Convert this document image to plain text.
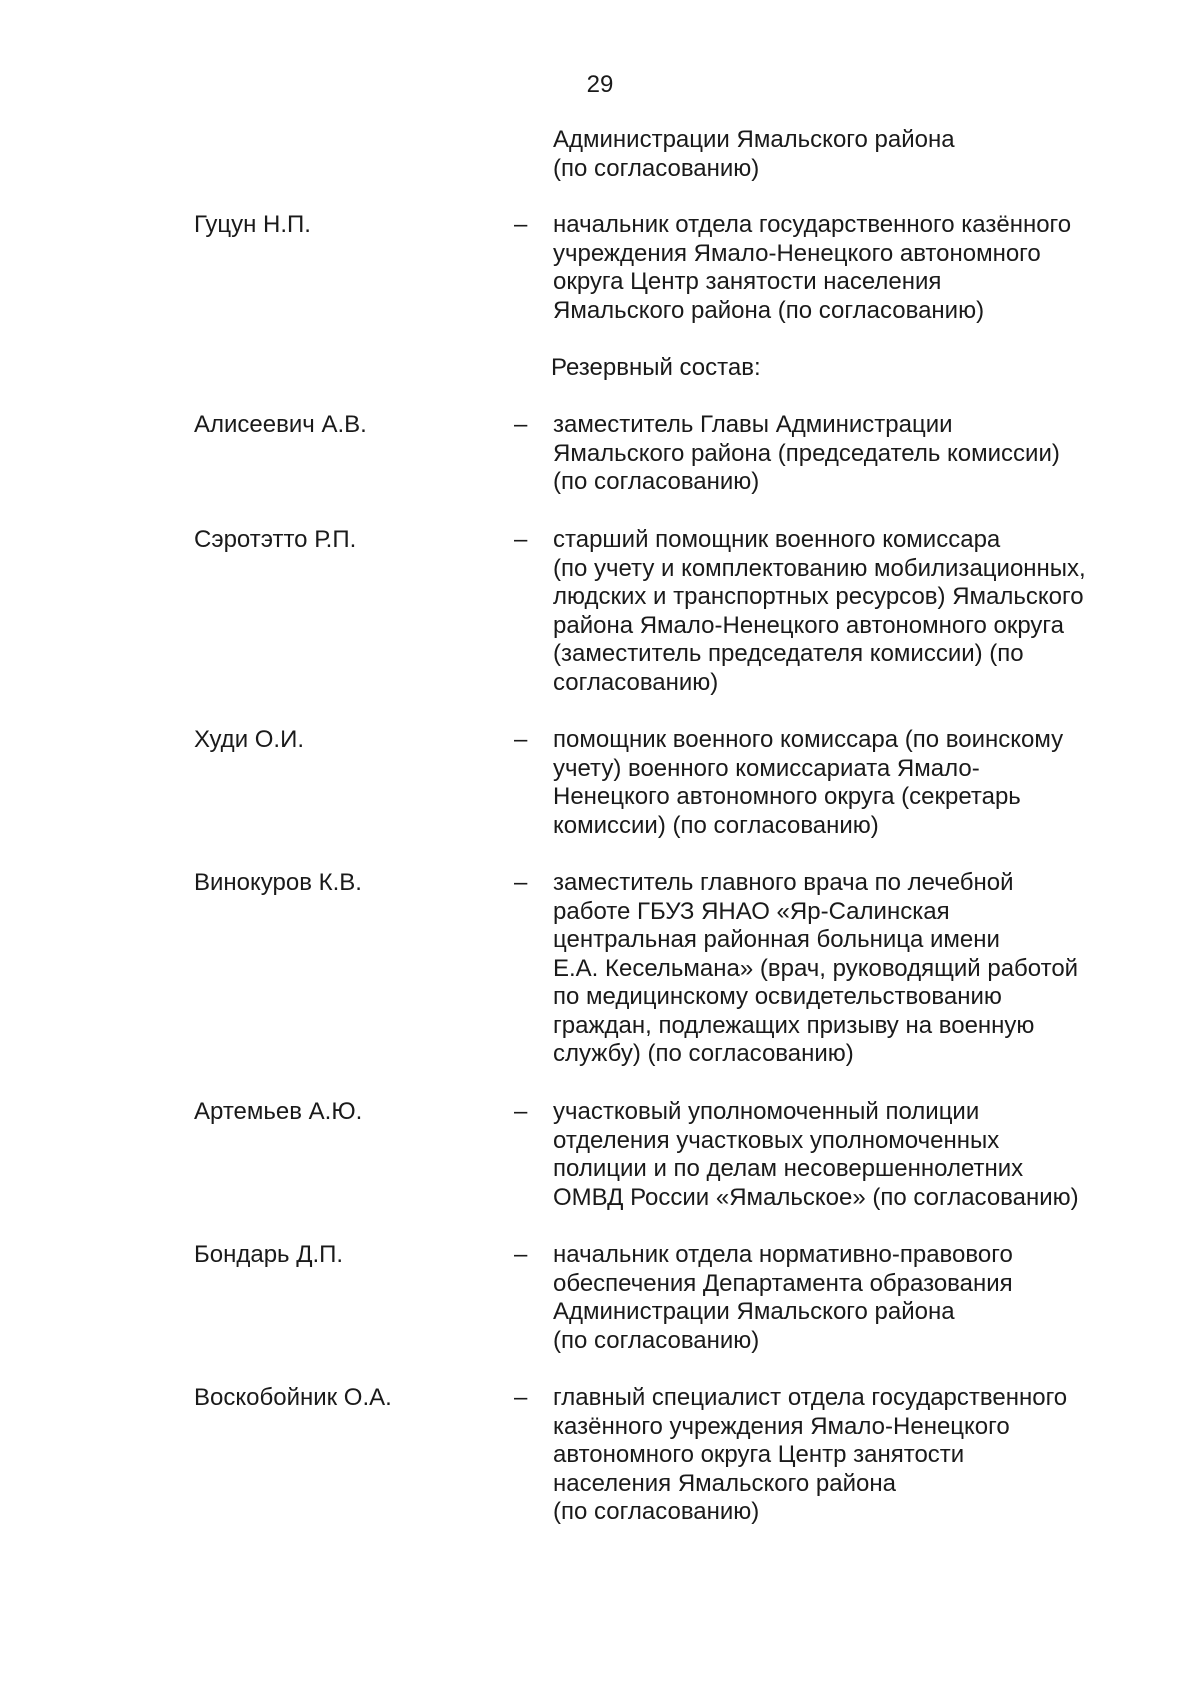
29
Администрации Ямальского района
(по согласованию)
Гуцун Н.П.	– начальник отдела государственного казённого
учреждения Ямало-Ненецкого автономного
округа Центр занятости населения
Ямальского района (по согласованию)
Резервный состав:
Алисеевич А.В.	– заместитель Главы Администрации
Ямальского района (председатель комиссии)
(по согласованию)
Сэротэтто Р.П.	– старший помощник военного комиссара
(по учету и комплектованию мобилизационных,
людских и транспортных ресурсов) Ямальского
района Ямало-Ненецкого автономного округа
(заместитель председателя комиссии) (по
согласованию)
Худи О.И.	– помощник военного комиссара (по воинскому
учету) военного комиссариата Ямало-
Ненецкого автономного округа (секретарь
комиссии) (по согласованию)
Винокуров К.В.	– заместитель главного врача по лечебной
работе ГБУЗ ЯНАО «Яр-Салинская
центральная районная больница имени
Е.А. Кесельмана» (врач, руководящий работой
по медицинскому освидетельствованию
граждан, подлежащих призыву на военную
службу) (по согласованию)
Артемьев А.Ю.	– участковый уполномоченный полиции
отделения участковых уполномоченных
полиции и по делам несовершеннолетних
ОМВД России «Ямальское» (по согласованию)
Бондарь Д.П.	– начальник отдела нормативно-правового
обеспечения Департамента образования
Администрации Ямальского района
(по согласованию)
Воскобойник О.А.	– главный специалист отдела государственного
казённого учреждения Ямало-Ненецкого
автономного округа Центр занятости
населения Ямальского района
(по согласованию)
